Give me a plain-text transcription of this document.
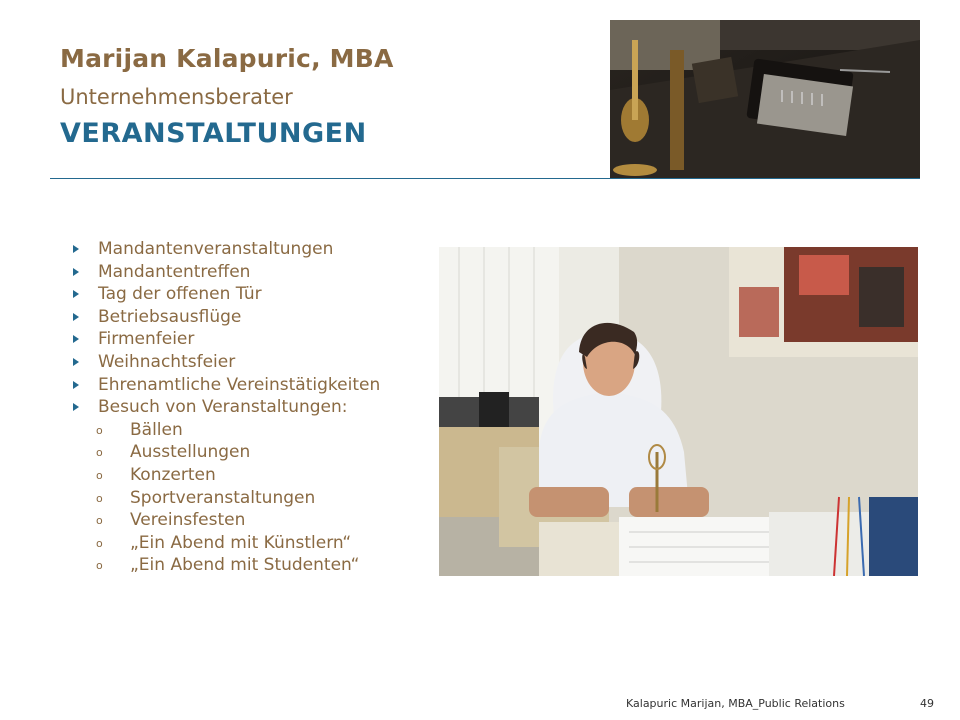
Marijan Kalapuric, MBA
Unternehmensberater
VERANSTALTUNGEN
Mandantenveranstaltungen
Mandantentreffen
Tag der offenen Tür
Betriebsausflüge
Firmenfeier
Weihnachtsfeier
Ehrenamtliche Vereinstätigkeiten
Besuch von Veranstaltungen:
o Bällen
o Ausstellungen
o Konzerten
o Sportveranstaltungen
o Vereinsfesten
o „Ein Abend mit Künstlern“
o „Ein Abend mit Studenten“
Kalapuric Marijan, MBA_Public Relations	49
